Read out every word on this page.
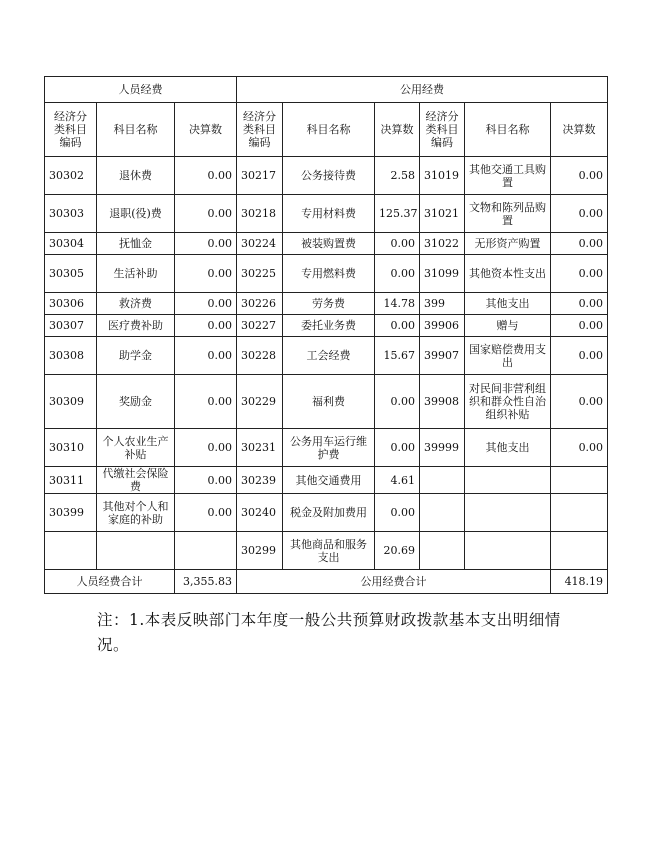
人员经费			公用经费					
经济分类科目编码	科目名称	决算数	经济分类科目编码	科目名称	决算数	经济分类科目编码	科目名称	决算数
30302	退休费	0.00	30217	公务接待费	2.58	31019	其他交通工具购置	0.00
30303	退职(役)费	0.00	30218	专用材料费	125.37	31021	文物和陈列品购置	0.00
30304	抚恤金	0.00	30224	被装购置费	0.00	31022	无形资产购置	0.00
30305	生活补助	0.00	30225	专用燃料费	0.00	31099	其他资本性支出	0.00
30306	救济费	0.00	30226	劳务费	14.78	399	其他支出	0.00
30307	医疗费补助	0.00	30227	委托业务费	0.00	39906	赠与	0.00
30308	助学金	0.00	30228	工会经费	15.67	39907	国家赔偿费用支出	0.00
30309	奖励金	0.00	30229	福利费	0.00	39908	对民间非营利组织和群众性自治组织补贴	0.00
30310	个人农业生产补贴	0.00	30231	公务用车运行维护费	0.00	39999	其他支出	0.00
30311	代缴社会保险费	0.00	30239	其他交通费用	4.61			
30399	其他对个人和家庭的补助	0.00	30240	税金及附加费用	0.00			
			30299	其他商品和服务支出	20.69			
人员经费合计		3,355.83	公用经费合计					418.19
注：1.本表反映部门本年度一般公共预算财政拨款基本支出明细情况。
